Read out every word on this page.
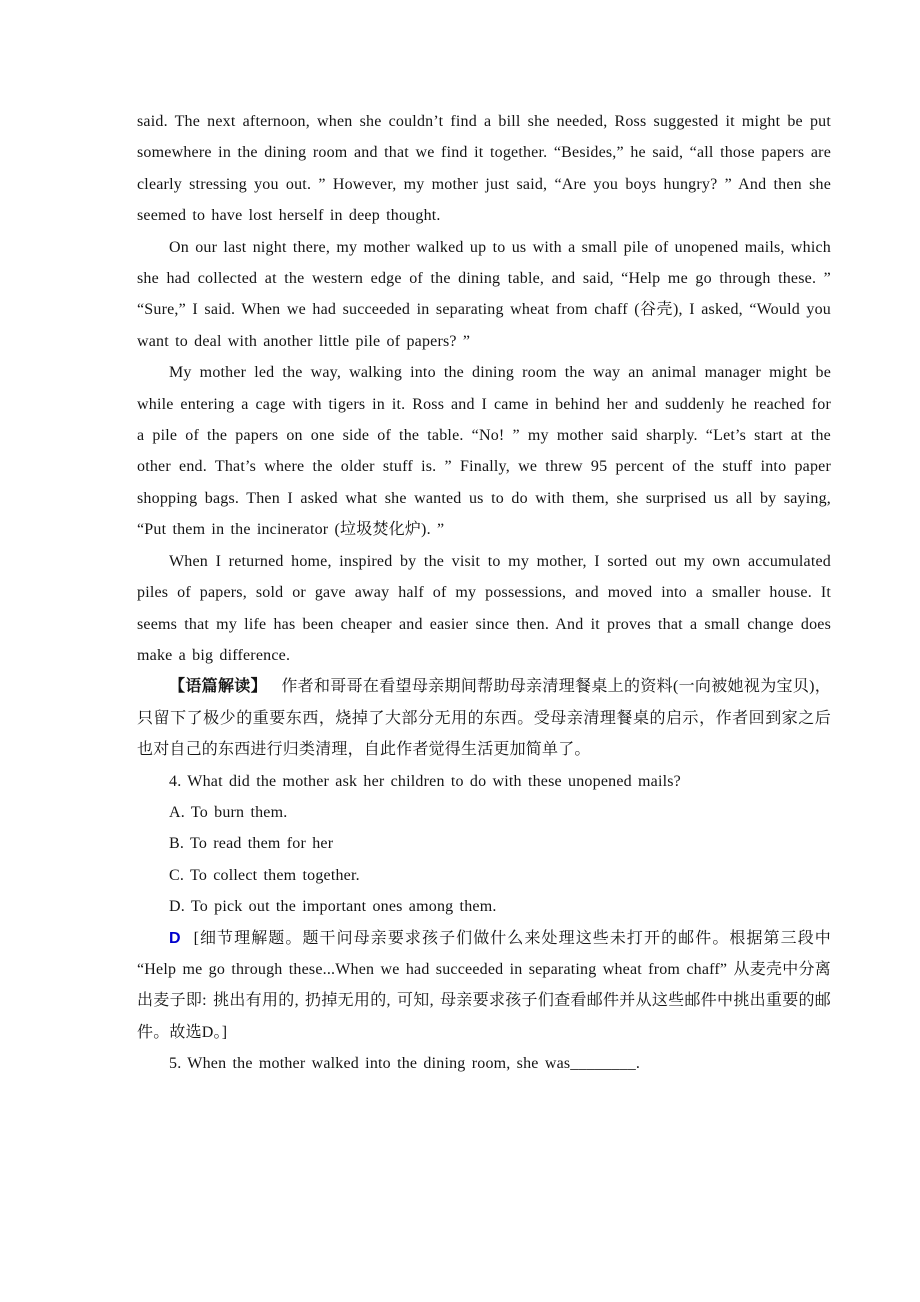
said. The next afternoon, when she couldn’t find a bill she needed, Ross suggested it might be put somewhere in the dining room and that we find it together. “Besides,” he said, “all those papers are clearly stressing you out. ” However, my mother just said, “Are you boys hungry? ” And then she seemed to have lost herself in deep thought.

On our last night there, my mother walked up to us with a small pile of unopened mails, which she had collected at the western edge of the dining table, and said, “Help me go through these. ” “Sure,” I said. When we had succeeded in separating wheat from chaff (谷壳), I asked, “Would you want to deal with another little pile of papers? ”

My mother led the way, walking into the dining room the way an animal manager might be while entering a cage with tigers in it. Ross and I came in behind her and suddenly he reached for a pile of the papers on one side of the table. “No! ” my mother said sharply. “Let’s start at the other end. That’s where the older stuff is. ” Finally, we threw 95 percent of the stuff into paper shopping bags. Then I asked what she wanted us to do with them, she surprised us all by saying, “Put them in the incinerator (垃圾焚化炉). ”

When I returned home, inspired by the visit to my mother, I sorted out my own accumulated piles of papers, sold or gave away half of my possessions, and moved into a smaller house. It seems that my life has been cheaper and easier since then. And it proves that a small change does make a big difference.

【语篇解读】 作者和哥哥在看望母亲期间帮助母亲清理餐桌上的资料(一向被她视为宝贝)，只留下了极少的重要东西，烧掉了大部分无用的东西。受母亲清理餐桌的启示，作者回到家之后也对自己的东西进行归类清理，自此作者觉得生活更加简单了。

4. What did the mother ask her children to do with these unopened mails?

A. To burn them.

B. To read them for her

C. To collect them together.

D. To pick out the important ones among them.

D [细节理解题。题干问母亲要求孩子们做什么来处理这些未打开的邮件。根据第三段中 “Help me go through these...When we had succeeded in separating wheat from chaff” 从麦壳中分离出麦子即: 挑出有用的, 扔掉无用的, 可知, 母亲要求孩子们查看邮件并从这些邮件中挑出重要的邮件。故选D。]

5. When the mother walked into the dining room, she was________.
